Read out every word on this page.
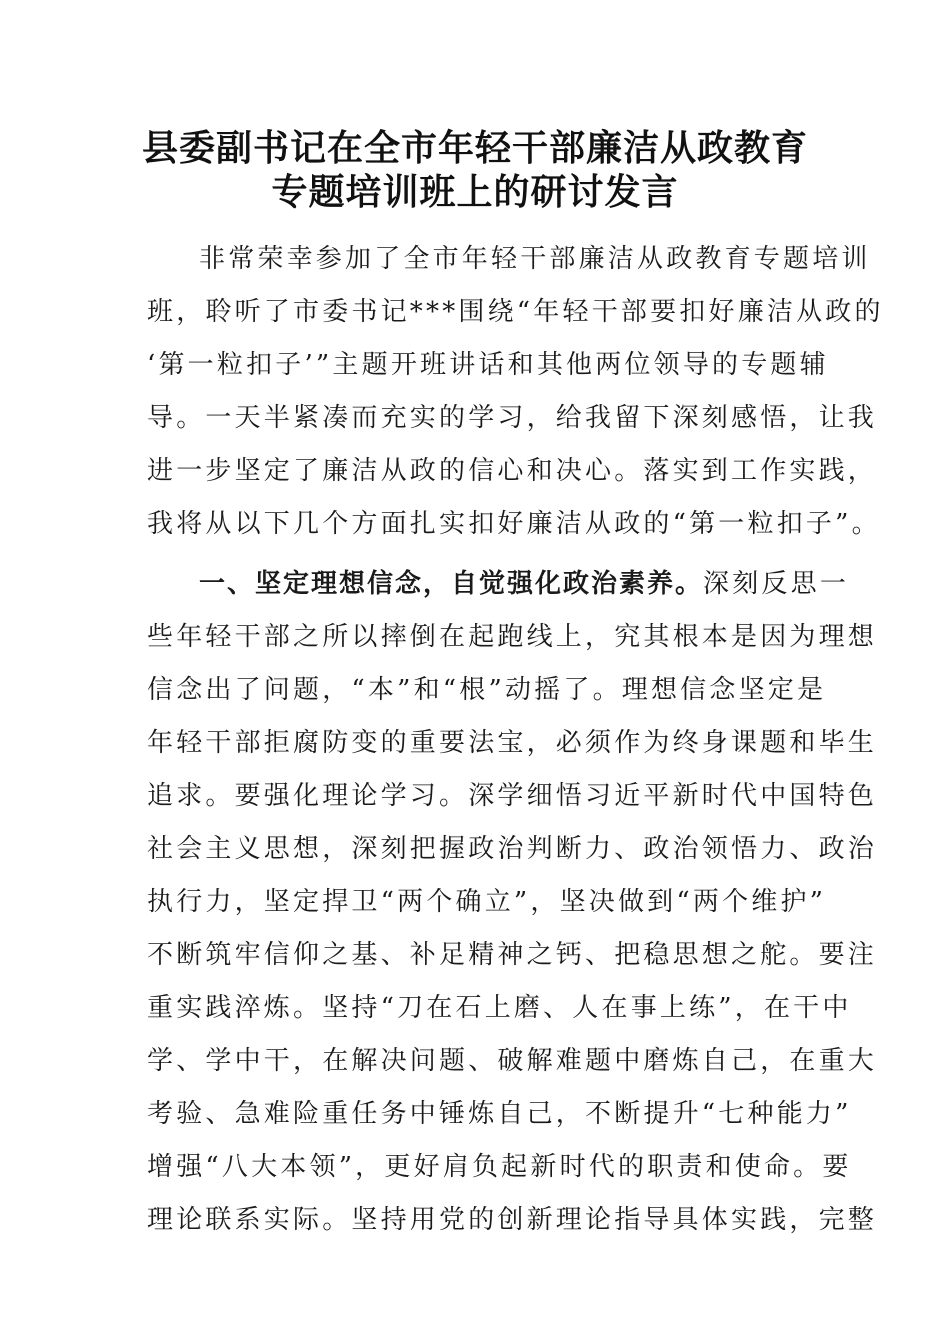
县委副书记在全市年轻干部廉洁从政教育
专题培训班上的研讨发言
非常荣幸参加了全市年轻干部廉洁从政教育专题培训
班，聆听了市委书记***围绕“年轻干部要扣好廉洁从政的
‘第一粒扣子’”主题开班讲话和其他两位领导的专题辅
导。一天半紧凑而充实的学习，给我留下深刻感悟，让我
进一步坚定了廉洁从政的信心和决心。落实到工作实践，
我将从以下几个方面扎实扣好廉洁从政的“第一粒扣子”。
一、坚定理想信念，自觉强化政治素养。深刻反思一
些年轻干部之所以摔倒在起跑线上，究其根本是因为理想
信念出了问题，“本”和“根”动摇了。理想信念坚定是
年轻干部拒腐防变的重要法宝，必须作为终身课题和毕生
追求。要强化理论学习。深学细悟习近平新时代中国特色
社会主义思想，深刻把握政治判断力、政治领悟力、政治
执行力，坚定捍卫“两个确立”，坚决做到“两个维护”
不断筑牢信仰之基、补足精神之钙、把稳思想之舵。要注
重实践淬炼。坚持“刀在石上磨、人在事上练”，在干中
学、学中干，在解决问题、破解难题中磨炼自己，在重大
考验、急难险重任务中锤炼自己，不断提升“七种能力”
增强“八大本领”，更好肩负起新时代的职责和使命。要
理论联系实际。坚持用党的创新理论指导具体实践，完整
